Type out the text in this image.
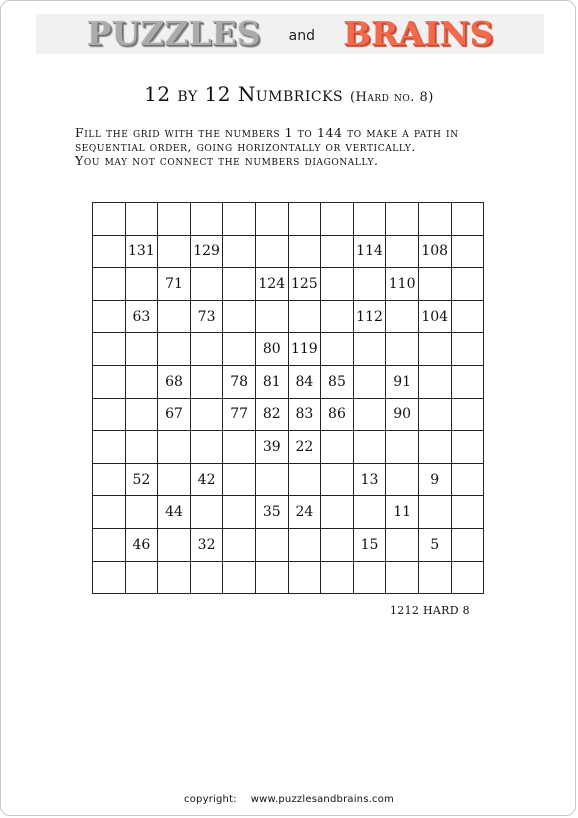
PUZZLES and BRAINS
12 by 12 Numbricks (Hard no. 8)
Fill the grid with the numbers 1 to 144 to make a path in
sequential order, going horizontally or vertically.
You may not connect the numbers diagonally.

	131		129					114		108	
		71			124	125			110		
	63		73					112		104	
					80	119					
		68		78	81	84	85		91		
		67		77	82	83	86		90		
					39	22					
	52		42					13		9	
		44			35	24			11		
	46		32					15		5	

1212 HARD 8
copyright: www.puzzlesandbrains.com
